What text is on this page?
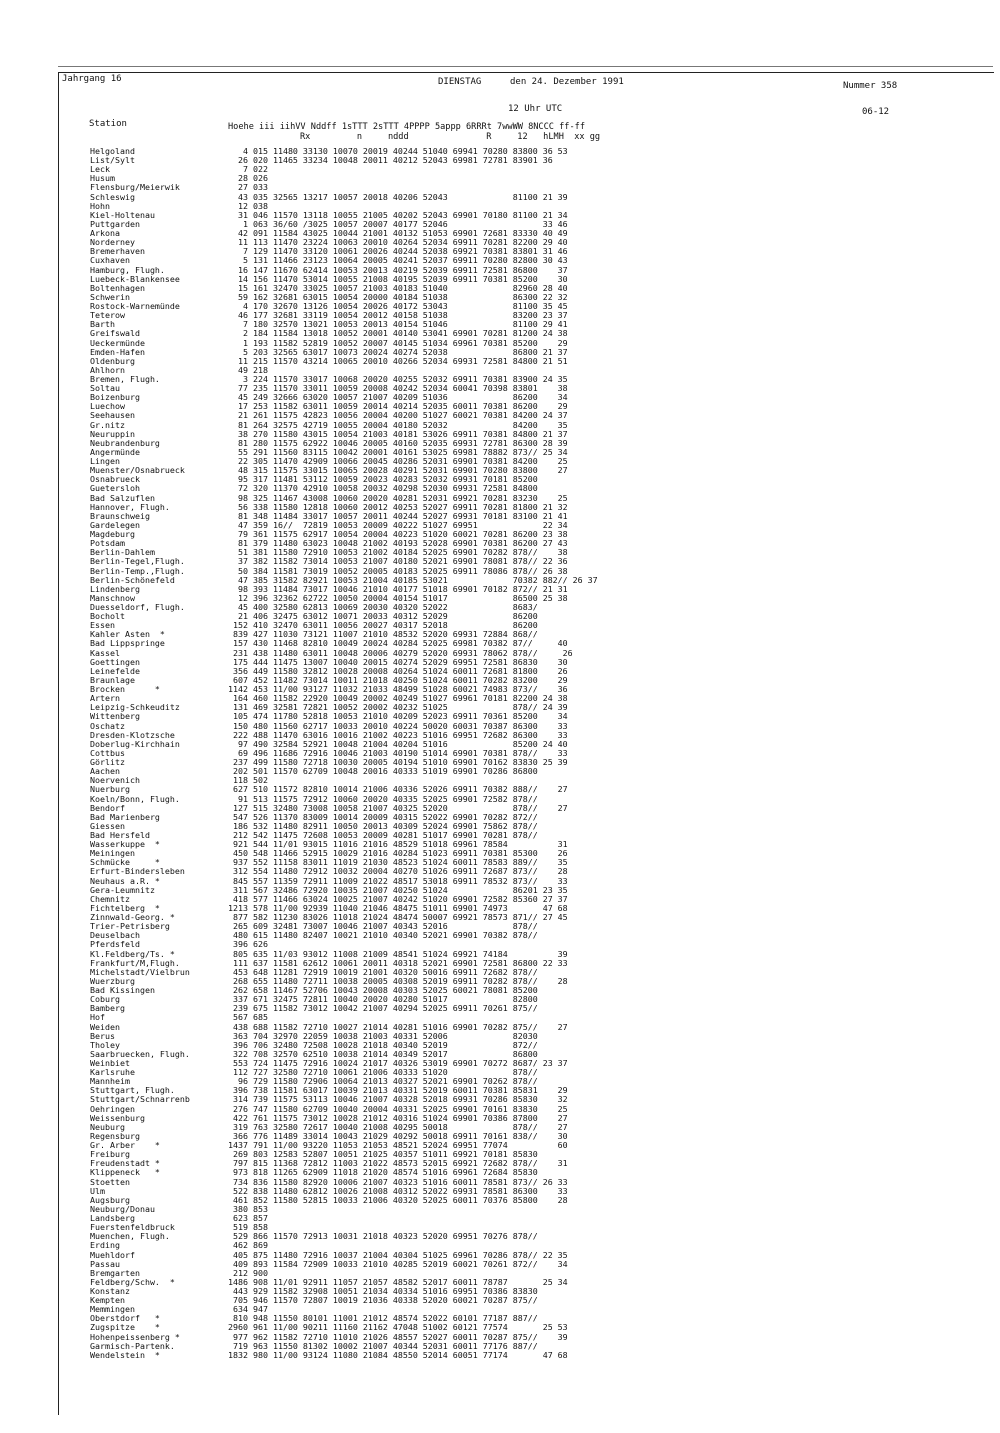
Jahrgang 16	DIENSTAG	den 24. Dezember 1991	Nummer 358
12 Uhr UTC	06-12
Station	Hoehe iii iihVV Nddff 1sTTT 2sTTT 4PPPP 5appp 6RRRt 7wwWW 8NCCC ff-ff
Rx         n     nddd               R     12   hLMH  xx gg
Helgoland	4 015 11480 33130 10070 20019 40244 51040 69941 70280 83800 36 53
List/Sylt	26 020 11465 33234 10048 20011 40212 52043 69981 72781 83901 36
Leck	7 022
Husum	28 026
Flensburg/Meierwik	27 033
Schleswig	43 035 32565 13217 10057 20018 40206 52043             81100 21 39
Hohn	12 038
Kiel-Holtenau	31 046 11570 13118 10055 21005 40202 52043 69901 70180 81100 21 34
Puttgarden	1 063 36/60 /3025 10057 20007 40177 52046                   33 46
Arkona	42 091 11584 43025 10044 21001 40132 51053 69901 72681 83330 40 49
Norderney	11 113 11470 23224 10063 20010 40264 52034 69911 70281 82200 29 40
Bremerhaven	7 129 11470 33120 10061 20026 40244 52038 69921 70381 83801 31 46
Cuxhaven	5 131 11466 23123 10064 20005 40241 52037 69911 70280 82800 30 43
Hamburg, Flugh.	16 147 11670 62414 10053 20013 40219 52039 69911 72581 86800    37
Luebeck-Blankensee	14 156 11470 53014 10055 21008 40195 52039 69911 70381 85200    30
Boltenhagen	15 161 32470 33025 10057 21003 40183 51040             82960 28 40
Schwerin	59 162 32681 63015 10054 20000 40184 51038             86300 22 32
Rostock-Warnemünde	4 170 32670 13126 10054 20026 40172 53043             81100 35 45
Teterow	46 177 32681 33119 10054 20012 40158 51038             83200 23 37
Barth	7 180 32570 13021 10053 20013 40154 51046             81100 29 41
Greifswald	2 184 11584 13018 10052 20001 40140 53041 69901 70281 81200 24 38
Ueckermünde	1 193 11582 52819 10052 20007 40145 51034 69961 70381 85200    29
Emden-Hafen	5 203 32565 63017 10073 20024 40274 52038             86800 21 37
Oldenburg	11 215 11570 43214 10065 20010 40266 52034 69931 72581 84800 21 51
Ahlhorn	49 218
Bremen, Flugh.	3 224 11570 33017 10068 20020 40255 52032 69911 70381 83900 24 35
Soltau	77 235 11570 33011 10059 20008 40242 52034 60041 70398 83801    38
Boizenburg	45 249 32666 63020 10057 21007 40209 51036             86200    34
Luechow	17 253 11582 63011 10059 20014 40214 52035 60011 70381 86200    29
Seehausen	21 261 11575 42823 10056 20004 40200 51027 60021 70381 84200 24 37
Gr.nitz	81 264 32575 42719 10055 20004 40180 52032             84200    35
Neuruppin	38 270 11580 43015 10054 21003 40181 53026 69911 70381 84800 21 37
Neubrandenburg	81 280 11575 62922 10046 20005 40160 52035 69931 72781 86300 28 39
Angermünde	55 291 11560 83115 10042 20001 40161 53025 69981 78882 873// 25 34
Lingen	22 305 11470 42909 10066 20045 40286 52031 69901 70381 84200    25
Muenster/Osnabrueck	48 315 11575 33015 10065 20028 40291 52031 69901 70280 83800    27
Osnabrueck	95 317 11481 53112 10059 20023 40283 52032 69931 70181 85200
Guetersloh	72 320 11370 42910 10058 20032 40298 52030 69931 72581 84800
Bad Salzuflen	98 325 11467 43008 10060 20020 40281 52031 69921 70281 83230    25
Hannover, Flugh.	56 338 11580 12818 10060 20012 40253 52027 69911 70281 81800 21 32
Braunschweig	81 348 11484 33017 10057 20011 40244 52027 69931 70181 83100 21 41
Gardelegen	47 359 16//  72819 10053 20009 40222 51027 69951             22 34
Magdeburg	79 361 11575 62917 10054 20004 40223 51020 60021 70281 86200 23 38
Potsdam	81 379 11480 63023 10048 21002 40193 52028 69901 70381 86200 27 43
Berlin-Dahlem	51 381 11580 72910 10053 21002 40184 52025 69901 70282 878//    38
Berlin-Tegel,Flugh.	37 382 11582 73014 10053 21007 40180 52021 69901 78081 878// 22 36
Berlin-Temp.,Flugh.	50 384 11581 73019 10052 20005 40183 52025 69911 78086 878// 26 38
Berlin-Schönefeld	47 385 31582 82921 10053 21004 40185 53021             70382 882// 26 37
Lindenberg	98 393 11484 73017 10046 21010 40177 51018 69901 70182 872// 21 31
Manschnow	12 396 32362 62722 10050 20004 40154 51017             86500 25 38
Duesseldorf, Flugh.	45 400 32580 62813 10069 20030 40320 52022             8683/
Bocholt	21 406 32475 63012 10071 20033 40312 52029             86200
Essen	152 410 32470 63011 10056 20027 40317 52018             86200
Kahler Asten  *	839 427 11030 73121 11007 21010 48532 52020 69931 72884 868//
Bad Lippspringe	157 430 11468 82810 10049 20024 40284 52025 69981 70382 87//     40
Kassel	231 438 11480 63011 10048 20006 40279 52020 69931 78062 878//     26
Goettingen	175 444 11475 13007 10040 20015 40274 52029 69951 72581 86830    30
Leinefelde	356 449 11580 32812 10028 20008 40264 51024 60011 72681 81800    26
Braunlage	607 452 11482 73014 10011 21018 40250 51024 60011 70282 83200    29
Brocken      *	1142 453 11/00 93127 11032 21033 48499 51028 60021 74983 873//    36
Artern	164 460 11582 22920 10049 20002 40249 51027 69961 70181 82200 24 38
Leipzig-Schkeuditz	131 469 32581 72821 10052 20002 40232 51025             878// 24 39
Wittenberg	105 474 11780 52818 10053 21010 40209 52023 69911 70361 85200    34
Oschatz	150 480 11560 62717 10033 20010 40224 50020 60031 70387 86300    33
Dresden-Klotzsche	222 488 11470 63016 10016 21002 40223 51016 69951 72682 86300    33
Doberlug-Kirchhain	97 490 32584 52921 10048 21004 40204 51016             85200 24 40
Cottbus	69 496 11686 72916 10046 21003 40190 51014 69901 70381 878//    33
Görlitz	237 499 11580 72718 10030 20005 40194 51010 69901 70162 83830 25 39
Aachen	202 501 11570 62709 10048 20016 40333 51019 69901 70286 86800
Noervenich	118 502
Nuerburg	627 510 11572 82810 10014 21006 40336 52026 69911 70382 888//    27
Koeln/Bonn, Flugh.	91 513 11575 72912 10060 20020 40335 52025 69901 72582 878//
Bendorf	127 515 32480 73008 10058 21007 40325 52020             878//    27
Bad Marienberg	547 526 11370 83009 10014 20009 40315 52022 69901 70282 872//
Giessen	186 532 11480 82911 10050 20013 40309 52024 69901 75862 878//
Bad Hersfeld	212 542 11475 72608 10053 20009 40281 51017 69901 70281 878//
Wasserkuppe  *	921 544 11/01 93015 11016 21016 48529 51018 69961 78584          31
Meiningen	450 548 11466 52915 10029 21016 40284 51023 69911 70381 85300    26
Schmücke     *	937 552 11158 83011 11019 21030 48523 51024 60011 78583 889//    35
Erfurt-Bindersleben	312 554 11480 72912 10032 20004 40270 51026 69911 72687 873//    28
Neuhaus a.R. *	845 557 11359 72911 11009 21022 48517 53018 69911 78532 873//    33
Gera-Leumnitz	311 567 32486 72920 10035 21007 40250 51024             86201 23 35
Chemnitz	418 577 11466 63024 10025 21007 40242 51020 69901 72582 85360 27 37
Fichtelberg  *	1213 578 11/00 92939 11040 21046 48475 51011 69901 74973       47 68
Zinnwald-Georg. *	877 582 11230 83026 11018 21024 48474 50007 69921 78573 871// 27 45
Trier-Petrisberg	265 609 32481 73007 10046 21007 40343 52016             878//
Deuselbach	480 615 11480 82407 10021 21010 40340 52021 69901 70382 878//
Pferdsfeld	396 626
Kl.Feldberg/Ts. *	805 635 11/03 93012 11008 21009 48541 51024 69921 74184          39
Frankfurt/M,Flugh.	111 637 11581 62612 10061 20011 40318 52021 69901 72581 86800 22 33
Michelstadt/Vielbrun	453 648 11281 72919 10019 21001 40320 50016 69911 72682 878//
Wuerzburg	268 655 11480 72711 10038 20005 40308 52019 69911 70282 878//    28
Bad Kissingen	262 658 11467 52706 10043 20008 40303 52025 60021 78081 85200
Coburg	337 671 32475 72811 10040 20020 40280 51017             82800
Bamberg	239 675 11582 73012 10042 21007 40294 52025 69911 70261 875//
Hof	567 685
Weiden	438 688 11582 72710 10027 21014 40281 51016 69901 70282 875//    27
Berus	363 704 32970 22059 10038 21003 40331 52006             82030
Tholey	396 706 32480 72508 10028 21018 40340 52019             872//
Saarbruecken, Flugh.	322 708 32570 62510 10038 21014 40349 52017             86800
Weinbiet	553 724 11475 72916 10024 21017 40326 53019 69901 70272 8687/ 23 37
Karlsruhe	112 727 32580 72710 10061 21006 40333 51020             878//
Mannheim	96 729 11580 72906 10064 21013 40327 52021 69901 70262 878//
Stuttgart, Flugh.	396 738 11581 63017 10039 21013 40331 52019 60011 70381 85831    29
Stuttgart/Schnarrenb	314 739 11575 53113 10046 21007 40328 52018 69931 70286 85830    32
Oehringen	276 747 11580 62709 10040 20004 40331 52025 69901 70161 83830    25
Weissenburg	422 761 11575 73012 10028 21012 40316 51024 69901 70386 87800    27
Neuburg	319 763 32580 72617 10040 21008 40295 50018             878//    27
Regensburg	366 776 11489 33014 10043 21029 40292 50018 69911 70161 838//    30
Gr. Arber    *	1437 791 11/00 93220 11053 21053 48521 52024 69951 77074          60
Freiburg	269 803 12583 52807 10051 21025 40357 51011 69921 70181 85830
Freudenstadt *	797 815 11368 72812 11003 21022 48573 52015 69921 72682 878//    31
Klippeneck   *	973 818 11265 62909 11018 21020 48574 51016 69961 72684 85830
Stoetten	734 836 11580 82920 10006 21007 40323 51016 60011 78581 873// 26 33
Ulm	522 838 11480 62812 10026 21008 40312 52022 69931 78581 86300    33
Augsburg	461 852 11580 52815 10033 21006 40320 52025 60011 70376 85800    28
Neuburg/Donau	380 853
Landsberg	623 857
Fuerstenfeldbruck	519 858
Muenchen, Flugh.	529 866 11570 72913 10031 21018 40323 52020 69951 70276 878//
Erding	462 869
Muehldorf	405 875 11480 72916 10037 21004 40304 51025 69961 70286 878// 22 35
Passau	409 893 11584 72909 10033 21010 40285 52019 60021 70261 872//    34
Bremgarten	212 900
Feldberg/Schw.  *	1486 908 11/01 92911 11057 21057 48582 52017 60011 78787       25 34
Konstanz	443 929 11582 32908 10051 21034 40334 51016 69951 70386 83830
Kempten	705 946 11570 72807 10019 21036 40338 52020 60021 70287 875//
Memmingen	634 947
Oberstdorf   *	810 948 11550 80101 11001 21012 48574 52022 60101 77187 887//
Zugspitze    *	2960 961 11/00 90211 11160 21162 47048 51002 60121 77574       25 53
Hohenpeissenberg *	977 962 11582 72710 11010 21026 48557 52027 60011 70287 875//    39
Garmisch-Partenk.	719 963 11550 81302 10002 21007 40344 52031 60011 77176 887//
Wendelstein  *	1832 980 11/00 93124 11080 21084 48550 52014 60051 77174       47 68
